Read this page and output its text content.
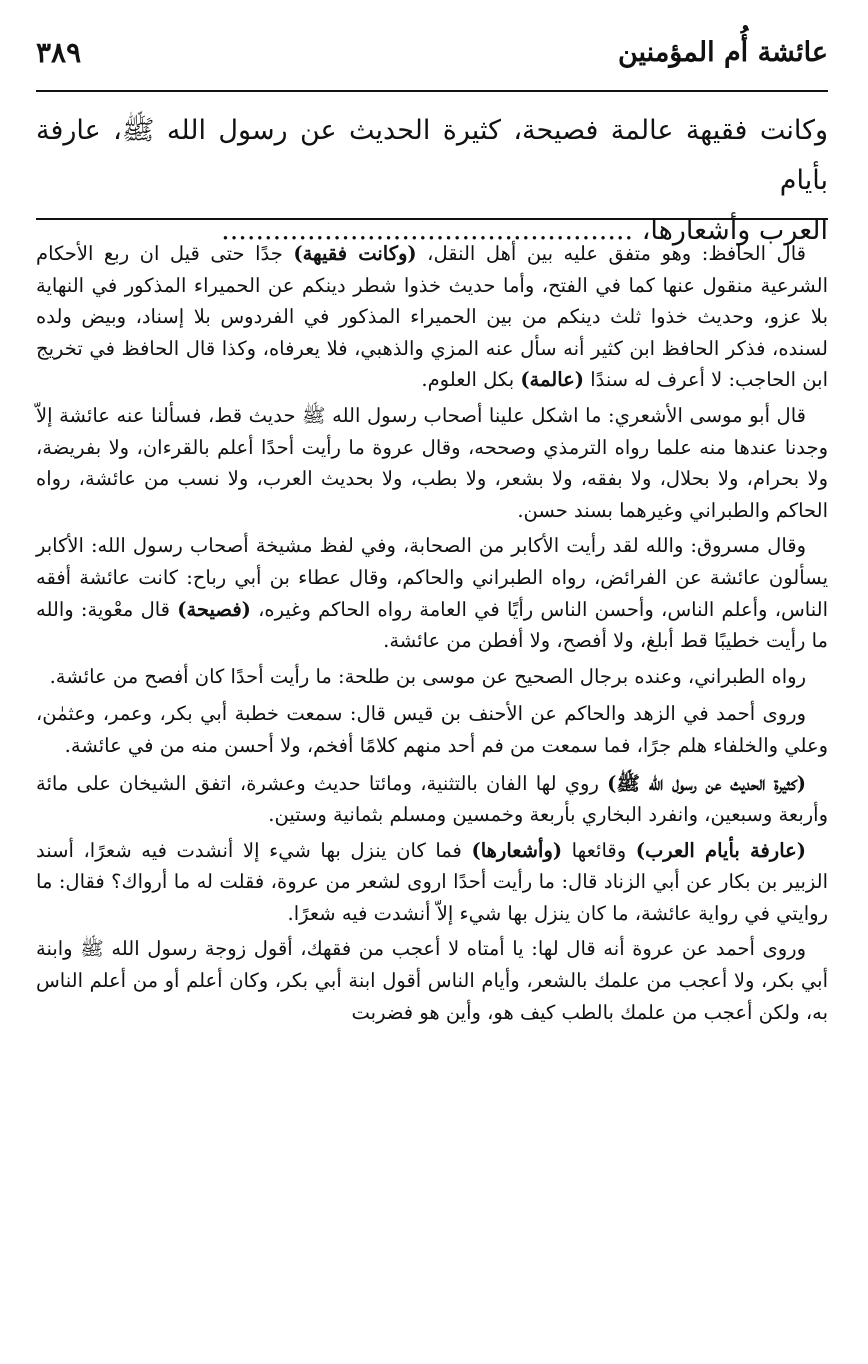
عائشة أُم المؤمنين
٣٨٩
وكانت فقيهة عالمة فصيحة، كثيرة الحديث عن رسول الله ﷺ، عارفة بأيام
العرب وأشعارها، ................................................

قال الحافظ: وهو متفق عليه بين أهل النقل، (وكانت فقيهة) جدًا حتى قيل ان ربع الأحكام الشرعية منقول عنها كما في الفتح، وأما حديث خذوا شطر دينكم عن الحميراء المذكور في النهاية بلا عزو، وحديث خذوا ثلث دينكم من بين الحميراء المذكور في الفردوس بلا إسناد، وبيض ولده لسنده، فذكر الحافظ ابن كثير أنه سأل عنه المزي والذهبي، فلا يعرفاه، وكذا قال الحافظ في تخريج ابن الحاجب: لا أعرف له سندًا (عالمة) بكل العلوم.

قال أبو موسى الأشعري: ما اشكل علينا أصحاب رسول الله ﷺ حديث قط، فسألنا عنه عائشة إلاّ وجدنا عندها منه علما رواه الترمذي وصححه، وقال عروة ما رأيت أحدًا أعلم بالقرءان، ولا بفريضة، ولا بحرام، ولا بحلال، ولا بفقه، ولا بشعر، ولا بطب، ولا بحديث العرب، ولا نسب من عائشة، رواه الحاكم والطبراني وغيرهما بسند حسن.

وقال مسروق: والله لقد رأيت الأكابر من الصحابة، وفي لفظ مشيخة أصحاب رسول الله: الأكابر يسألون عائشة عن الفرائض، رواه الطبراني والحاكم، وقال عطاء بن أبي رباح: كانت عائشة أفقه الناس، وأعلم الناس، وأحسن الناس رأيًا في العامة رواه الحاكم وغيره، (فصيحة) قال معْوية: والله ما رأيت خطيبًا قط أبلغ، ولا أفصح، ولا أفطن من عائشة.

رواه الطبراني، وعنده برجال الصحيح عن موسى بن طلحة: ما رأيت أحدًا كان أفصح من عائشة.

وروى أحمد في الزهد والحاكم عن الأحنف بن قيس قال: سمعت خطبة أبي بكر، وعمر، وعثمٰن، وعلي والخلفاء هلم جرًا، فما سمعت من فم أحد منهم كلامًا أفخم، ولا أحسن منه من في عائشة.

(كثيرة الحديث عن رسول الله ﷺ) روي لها الفان بالتثنية، ومائتا حديث وعشرة، اتفق الشيخان على مائة وأربعة وسبعين، وانفرد البخاري بأربعة وخمسين ومسلم بثمانية وستين.

(عارفة بأيام العرب) وقائعها (وأشعارها) فما كان ينزل بها شيء إلا أنشدت فيه شعرًا، أسند الزبير بن بكار عن أبي الزناد قال: ما رأيت أحدًا اروى لشعر من عروة، فقلت له ما أرواك؟ فقال: ما روايتي في رواية عائشة، ما كان ينزل بها شيء إلاّ أنشدت فيه شعرًا.

وروى أحمد عن عروة أنه قال لها: يا أمتاه لا أعجب من فقهك، أقول زوجة رسول الله ﷺ وابنة أبي بكر، ولا أعجب من علمك بالشعر، وأيام الناس أقول ابنة أبي بكر، وكان أعلم أو من أعلم الناس به، ولكن أعجب من علمك بالطب كيف هو، وأين هو فضربت
